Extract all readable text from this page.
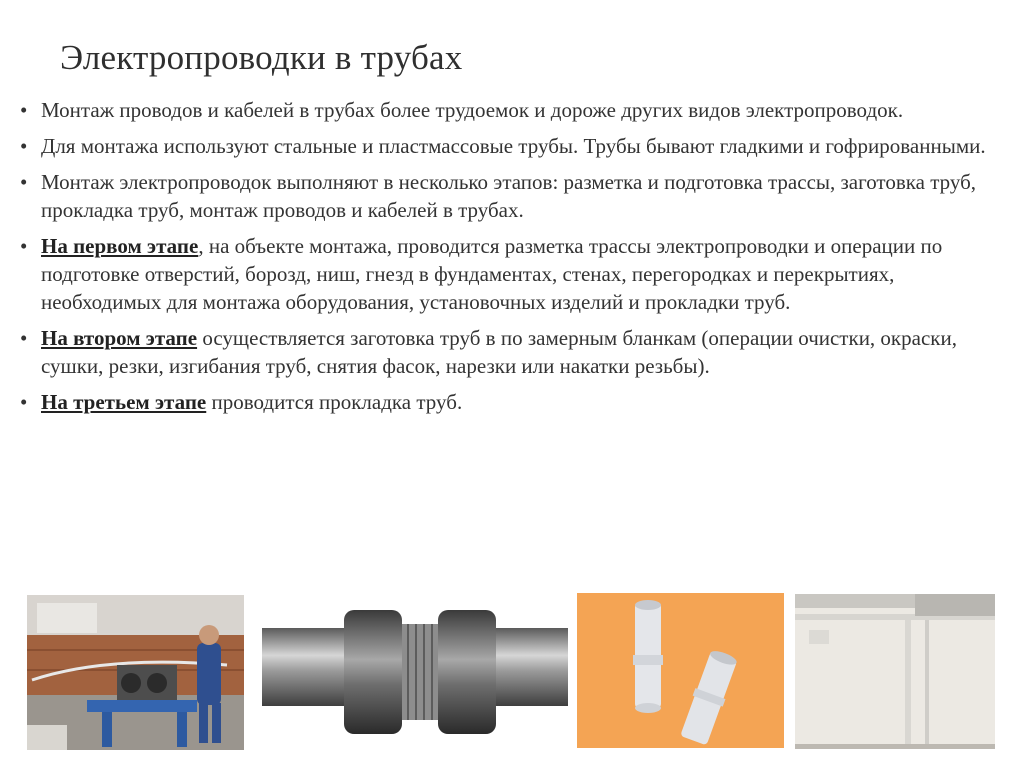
Электропроводки в трубах
• Монтаж проводов и кабелей в трубах более трудоемок и дороже других видов электропроводок.
• Для монтажа используют стальные и пластмассовые трубы. Трубы бывают гладкими и гофрированными.
• Монтаж электропроводок выполняют в несколько этапов: разметка и подготовка трассы, заготовка труб, прокладка труб, монтаж проводов и кабелей в трубах.
• На первом этапе, на объекте монтажа, проводится разметка трассы электропроводки и операции по подготовке отверстий, борозд, ниш, гнезд в фундаментах, стенах, перегородках и перекрытиях, необходимых для монтажа оборудования, установочных изделий и прокладки труб.
• На втором этапе осуществляется заготовка труб в по замерным бланкам (операции очистки, окраски, сушки, резки, изгибания труб, снятия фасок, нарезки или накатки резьбы).
• На третьем этапе проводится прокладка труб.
